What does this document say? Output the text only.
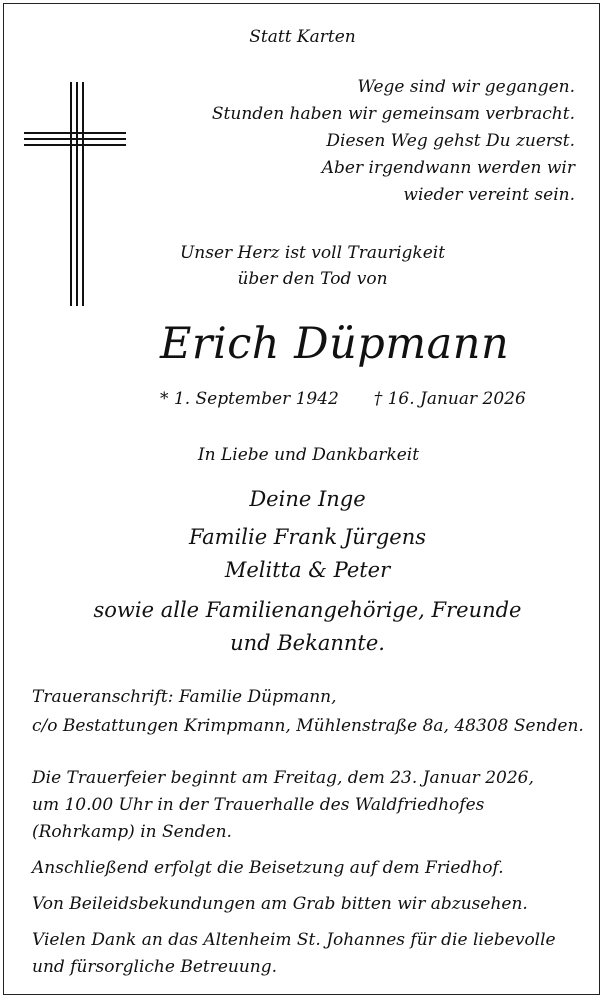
Statt Karten
Wege sind wir gegangen.
Stunden haben wir gemeinsam verbracht.
Diesen Weg gehst Du zuerst.
Aber irgendwann werden wir
wieder vereint sein.
Unser Herz ist voll Traurigkeit
über den Tod von
Erich Düpmann
* 1. September 1942 † 16. Januar 2026
In Liebe und Dankbarkeit
Deine Inge
Familie Frank Jürgens
Melitta & Peter
sowie alle Familienangehörige, Freunde
und Bekannte.
Traueranschrift: Familie Düpmann,
c/o Bestattungen Krimpmann, Mühlenstraße 8a, 48308 Senden.
Die Trauerfeier beginnt am Freitag, dem 23. Januar 2026,
um 10.00 Uhr in der Trauerhalle des Waldfriedhofes
(Rohrkamp) in Senden.
Anschließend erfolgt die Beisetzung auf dem Friedhof.
Von Beileidsbekundungen am Grab bitten wir abzusehen.
Vielen Dank an das Altenheim St. Johannes für die liebevolle
und fürsorgliche Betreuung.
